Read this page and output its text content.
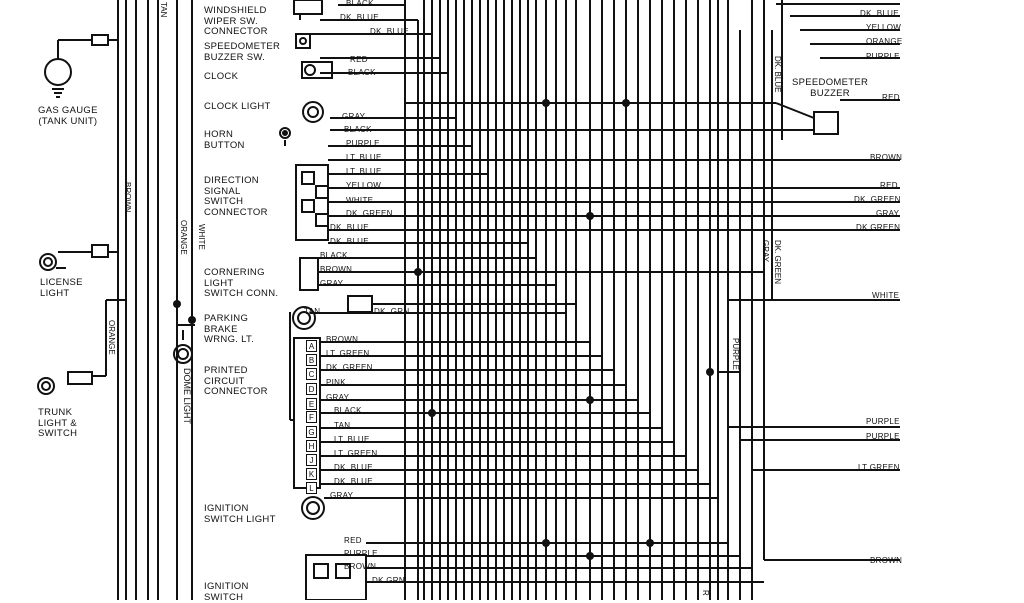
WINDSHIELD
WIPER SW.
CONNECTOR
SPEEDOMETER
BUZZER SW.
CLOCK
CLOCK LIGHT
HORN
BUTTON
DIRECTION
SIGNAL
SWITCH
CONNECTOR
CORNERING
LIGHT
SWITCH CONN.
PARKING
BRAKE
WRNG. LT.
PRINTED
CIRCUIT
CONNECTOR
IGNITION
SWITCH LIGHT
IGNITION
SWITCH
GAS GAUGE
(TANK UNIT)
LICENSE
LIGHT
TRUNK
LIGHT &
SWITCH
SPEEDOMETER
BUZZER
TAN
BROWN
ORANGE WHITE
ORANGE
DOME LIGHT
DK. BLUE
DK. GREEN
GRAY
PURPLE
R
BLACK
DK. BLUE
DK. BLUE
RED
BLACK
GRAY
BLACK
PURPLE
LT. BLUE
LT. BLUE
YELLOW
WHITE
DK. GREEN
DK. BLUE
DK. BLUE
BLACK
BROWN
GRAY
TAN	DK. GRN.
BROWN
LT. GREEN
DK. GREEN
PINK
GRAY
BLACK
TAN
LT. BLUE
LT. GREEN
DK. BLUE
DK. BLUE
GRAY
RED
PURPLE
BROWN
DK.GRN.
A
B
C
D
E
F
G
H
J
K
L
DK. BLUE
YELLOW
ORANGE
PURPLE
RED
BROWN
RED
DK. GREEN
GRAY
DK.GREEN
WHITE
PURPLE
PURPLE
LT GREEN
BROWN
